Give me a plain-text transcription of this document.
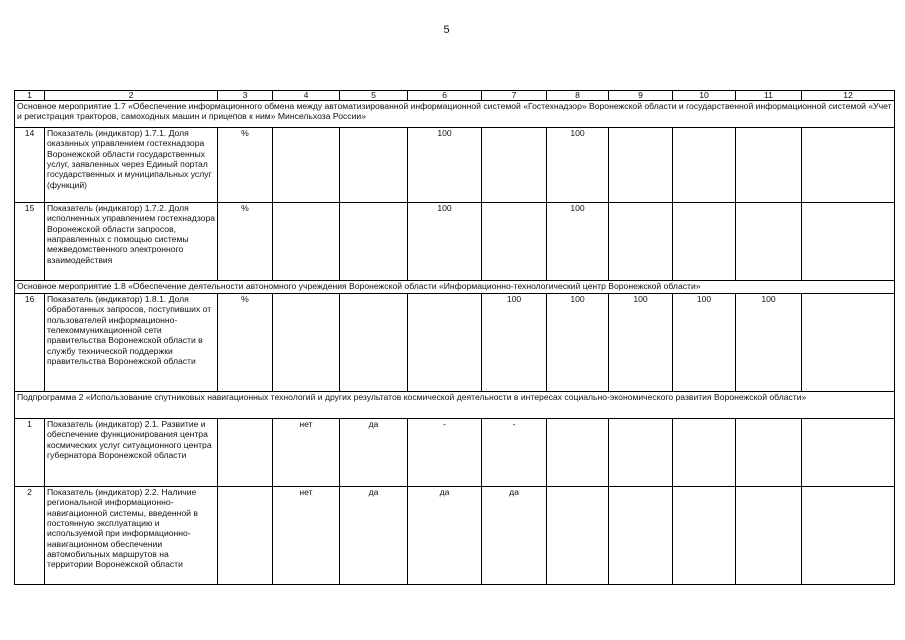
5
1	2	3	4	5	6	7	8	9	10	11	12
Основное мероприятие 1.7 «Обеспечение информационного обмена между автоматизированной информационной системой «Гостехнадзор» Воронежской области и государственной информационной системой «Учет и регистрация тракторов, самоходных машин и прицепов к ним» Минсельхоза России»											
14	Показатель (индикатор) 1.7.1. Доля оказанных управлением гостехнадзора Воронежской области государственных услуг, заявленных через Единый портал государственных и муниципальных услуг (функций)	%			100		100				
15	Показатель (индикатор) 1.7.2. Доля исполненных управлением гостехнадзора Воронежской области запросов, направленных с помощью системы межведомственного электронного взаимодействия	%			100		100				
Основное мероприятие 1.8 «Обеспечение деятельности автономного учреждения Воронежской области «Информационно-технологический центр Воронежской области»											
16	Показатель (индикатор) 1.8.1. Доля обработанных запросов, поступивших от пользователей информационно-телекоммуникационной сети правительства Воронежской области в службу технической поддержки правительства Воронежской области	%				100	100	100	100	100	
Подпрограмма 2 «Использование спутниковых навигационных технологий и других результатов космической деятельности в интересах социально-экономического развития Воронежской области»											
1	Показатель (индикатор) 2.1. Развитие и обеспечение функционирования центра космических услуг ситуационного центра губернатора Воронежской области		нет	да	-	-					
2	Показатель (индикатор) 2.2. Наличие региональной информационно-навигационной системы, введенной в постоянную эксплуатацию и используемой при информационно-навигационном обеспечении автомобильных маршрутов на территории Воронежской области		нет	да	да	да					
